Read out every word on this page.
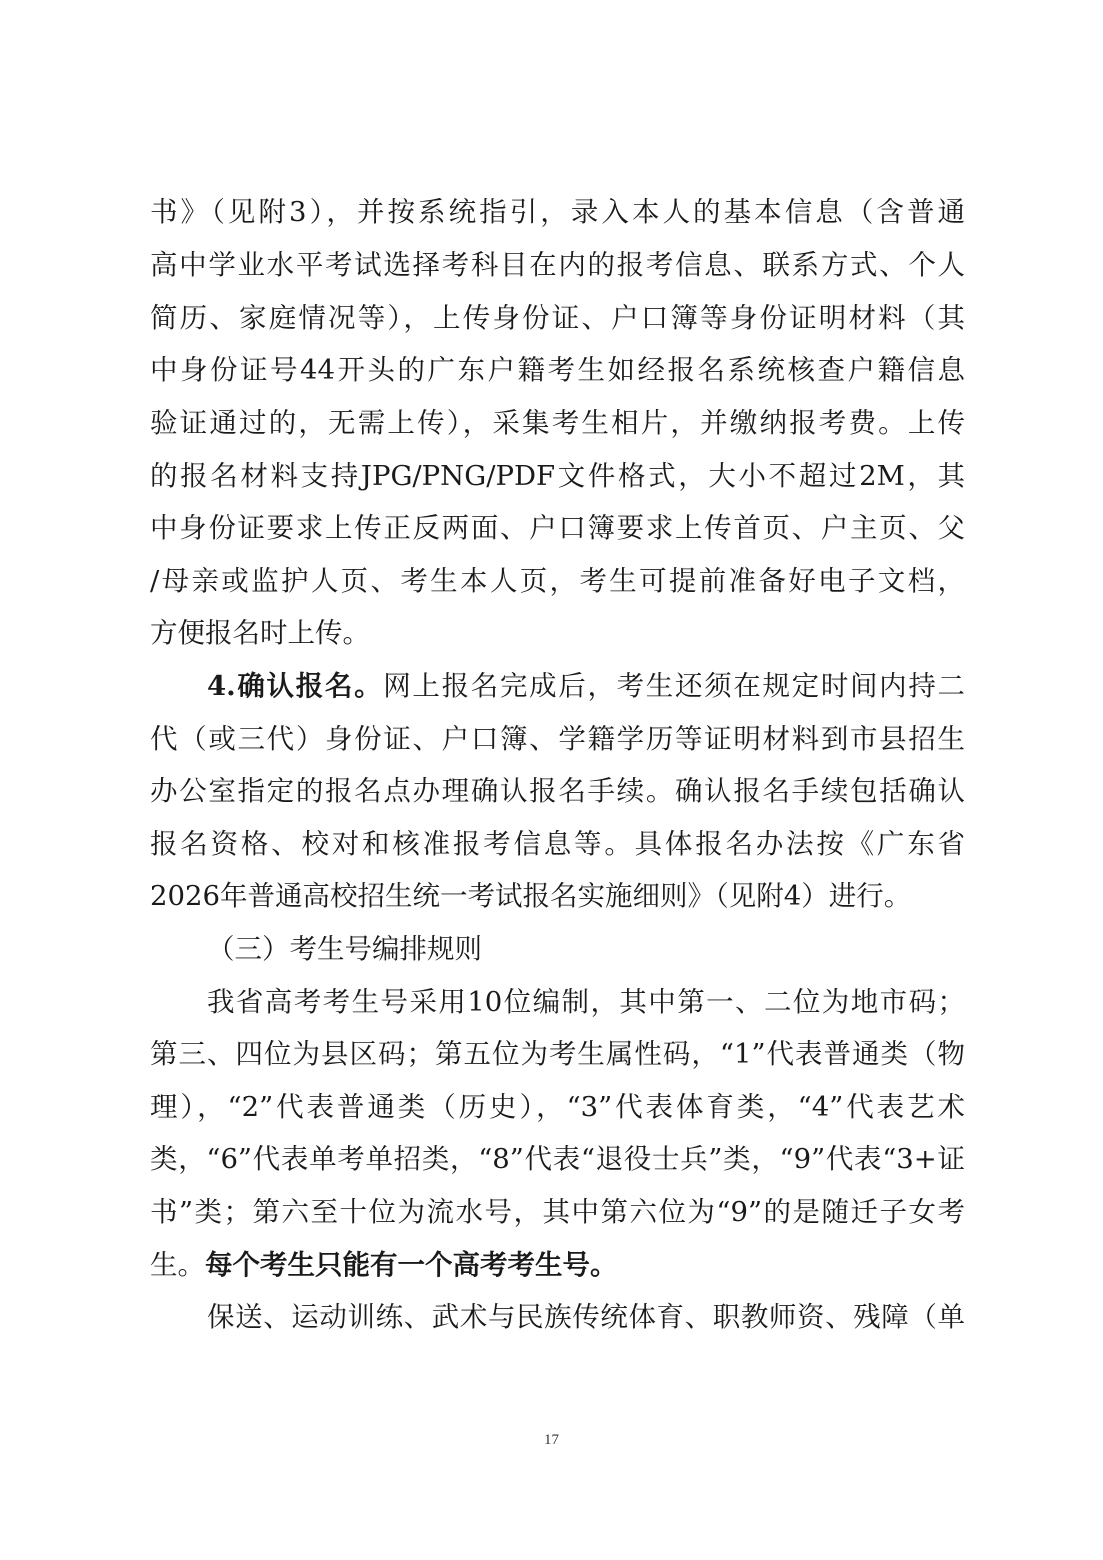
书》（见附3），并按系统指引，录入本人的基本信息（含普通
高中学业水平考试选择考科目在内的报考信息、联系方式、个人
简历、家庭情况等），上传身份证、户口簿等身份证明材料（其
中身份证号44开头的广东户籍考生如经报名系统核查户籍信息
验证通过的，无需上传），采集考生相片，并缴纳报考费。上传
的报名材料支持JPG/PNG/PDF文件格式，大小不超过2M，其
中身份证要求上传正反两面、户口簿要求上传首页、户主页、父
/母亲或监护人页、考生本人页，考生可提前准备好电子文档，
方便报名时上传。
4.确认报名。网上报名完成后，考生还须在规定时间内持二
代（或三代）身份证、户口簿、学籍学历等证明材料到市县招生
办公室指定的报名点办理确认报名手续。确认报名手续包括确认
报名资格、校对和核准报考信息等。具体报名办法按《广东省
2026年普通高校招生统一考试报名实施细则》（见附4）进行。
（三）考生号编排规则
我省高考考生号采用10位编制，其中第一、二位为地市码；
第三、四位为县区码；第五位为考生属性码，“1”代表普通类（物
理），“2”代表普通类（历史），“3”代表体育类，“4”代表艺术
类，“6”代表单考单招类，“8”代表“退役士兵”类，“9”代表“3+证
书”类；第六至十位为流水号，其中第六位为“9”的是随迁子女考
生。每个考生只能有一个高考考生号。
保送、运动训练、武术与民族传统体育、职教师资、残障（单
17
